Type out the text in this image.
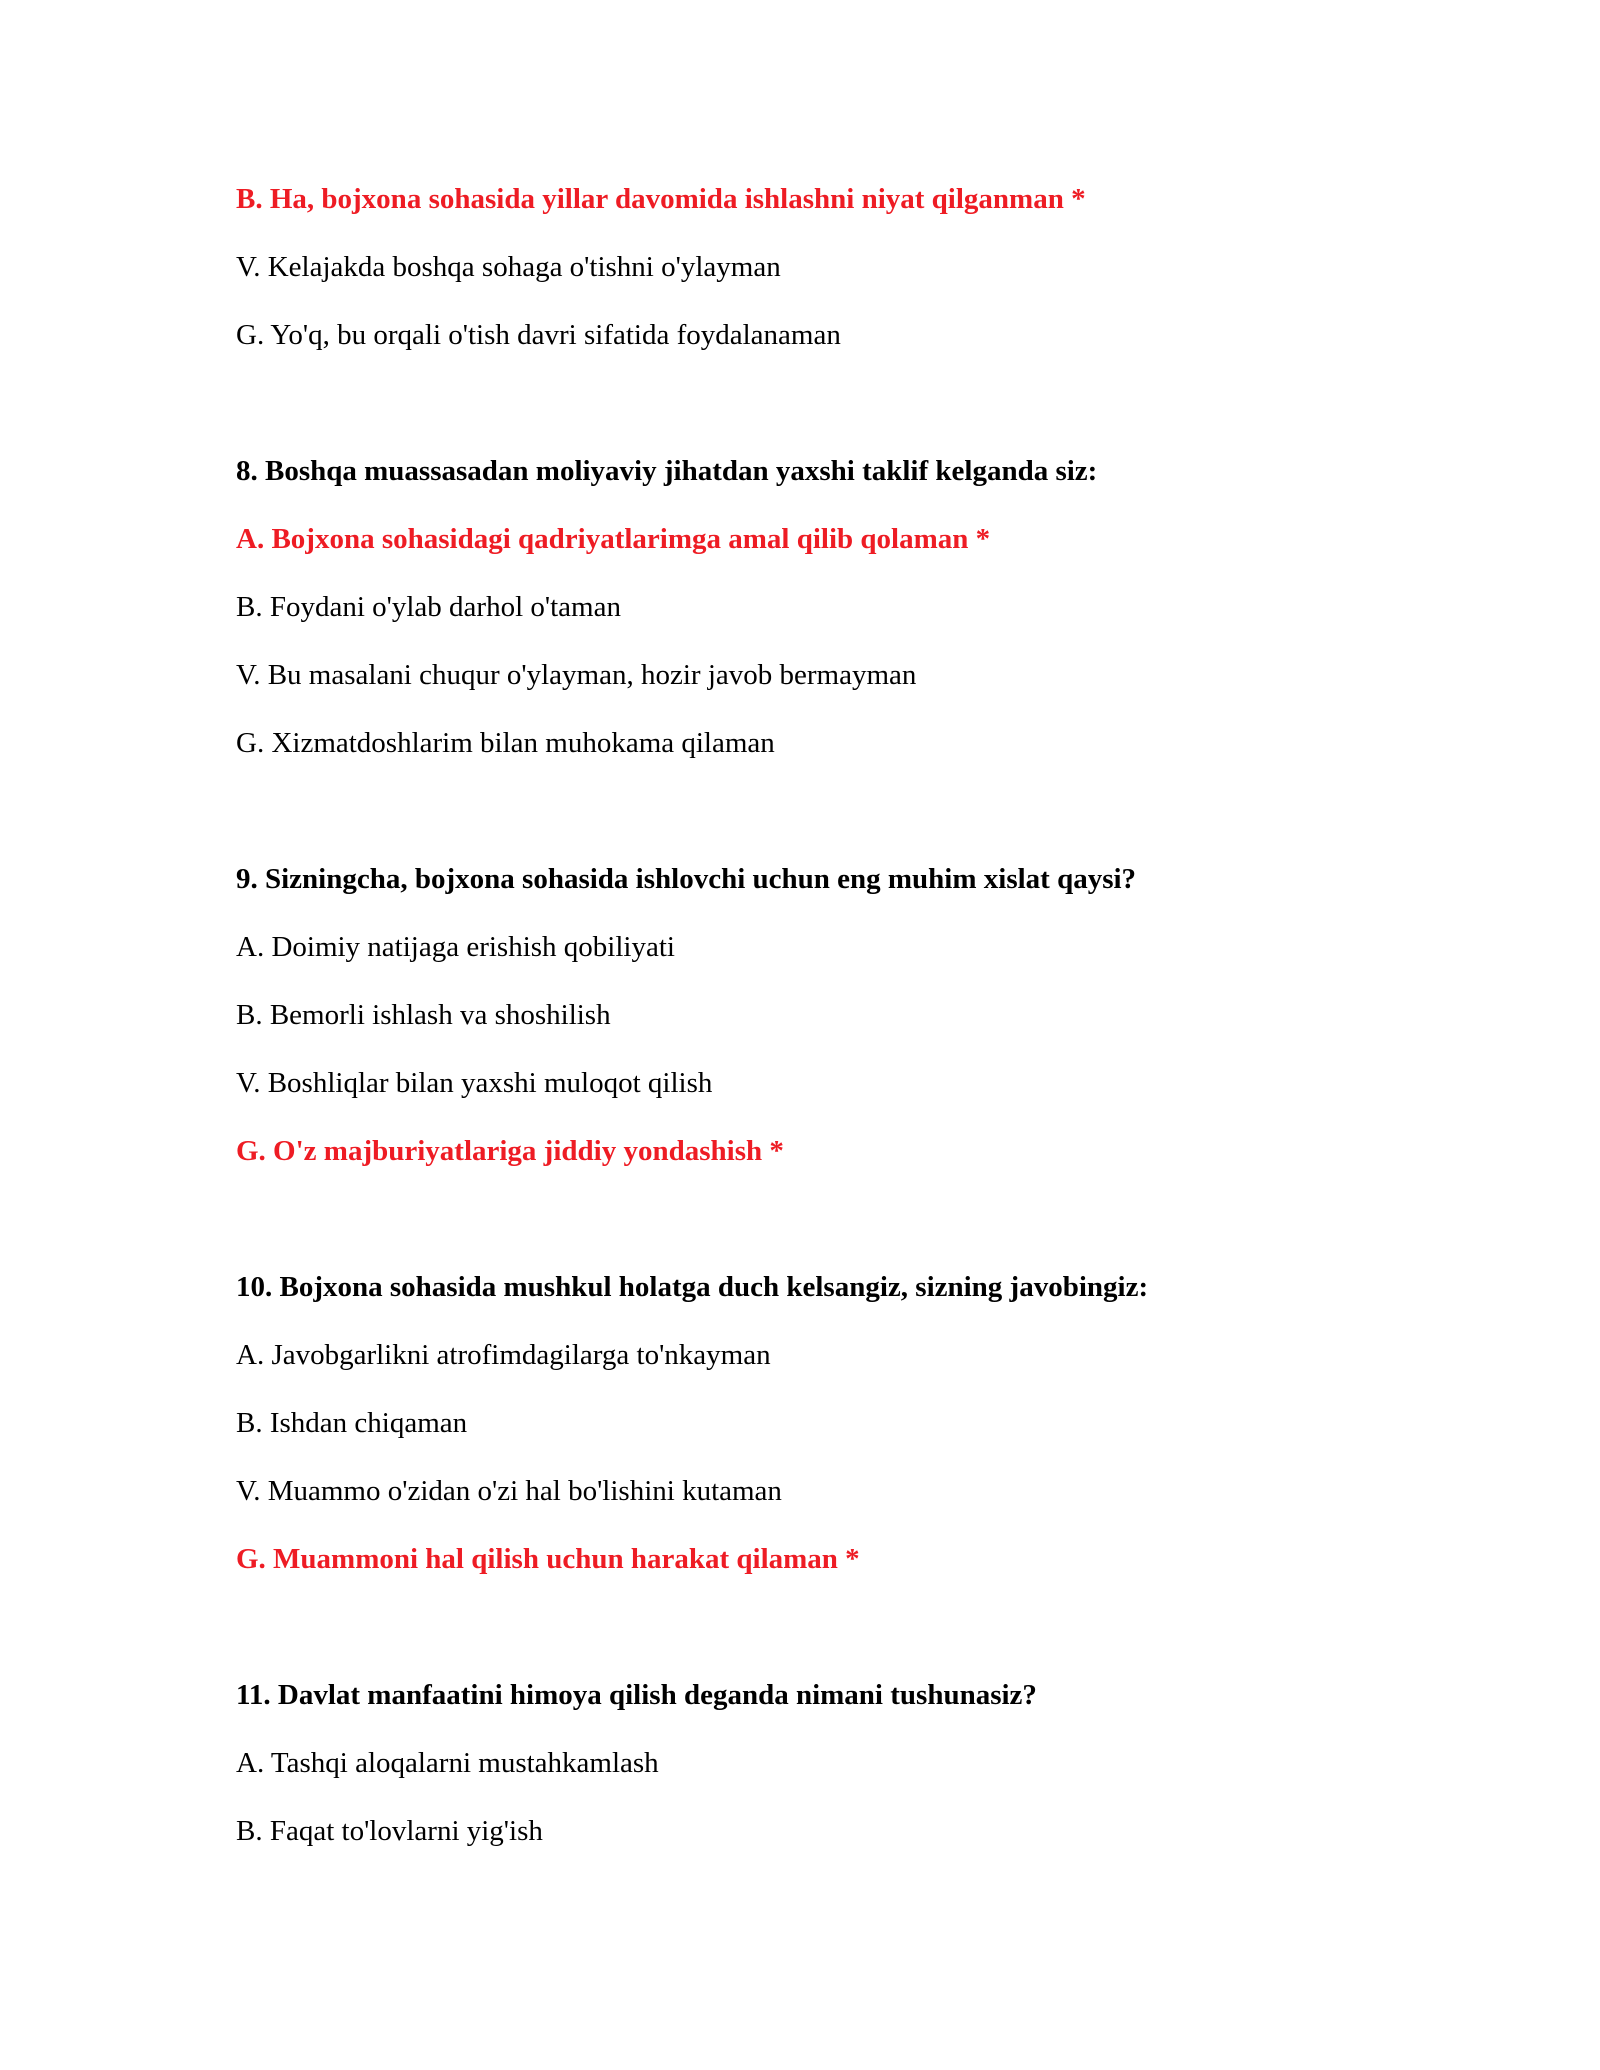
B. Ha, bojxona sohasida yillar davomida ishlashni niyat qilganman *
V. Kelajakda boshqa sohaga o'tishni o'ylayman
G. Yo'q, bu orqali o'tish davri sifatida foydalanaman
8. Boshqa muassasadan moliyaviy jihatdan yaxshi taklif kelganda siz:
A. Bojxona sohasidagi qadriyatlarimga amal qilib qolaman *
B. Foydani o'ylab darhol o'taman
V. Bu masalani chuqur o'ylayman, hozir javob bermayman
G. Xizmatdoshlarim bilan muhokama qilaman
9. Sizningcha, bojxona sohasida ishlovchi uchun eng muhim xislat qaysi?
A. Doimiy natijaga erishish qobiliyati
B. Bemorli ishlash va shoshilish
V. Boshliqlar bilan yaxshi muloqot qilish
G. O'z majburiyatlariga jiddiy yondashish *
10. Bojxona sohasida mushkul holatga duch kelsangiz, sizning javobingiz:
A. Javobgarlikni atrofimdagilarga to'nkayman
B. Ishdan chiqaman
V. Muammo o'zidan o'zi hal bo'lishini kutaman
G. Muammoni hal qilish uchun harakat qilaman *
11. Davlat manfaatini himoya qilish deganda nimani tushunasiz?
A. Tashqi aloqalarni mustahkamlash
B. Faqat to'lovlarni yig'ish
